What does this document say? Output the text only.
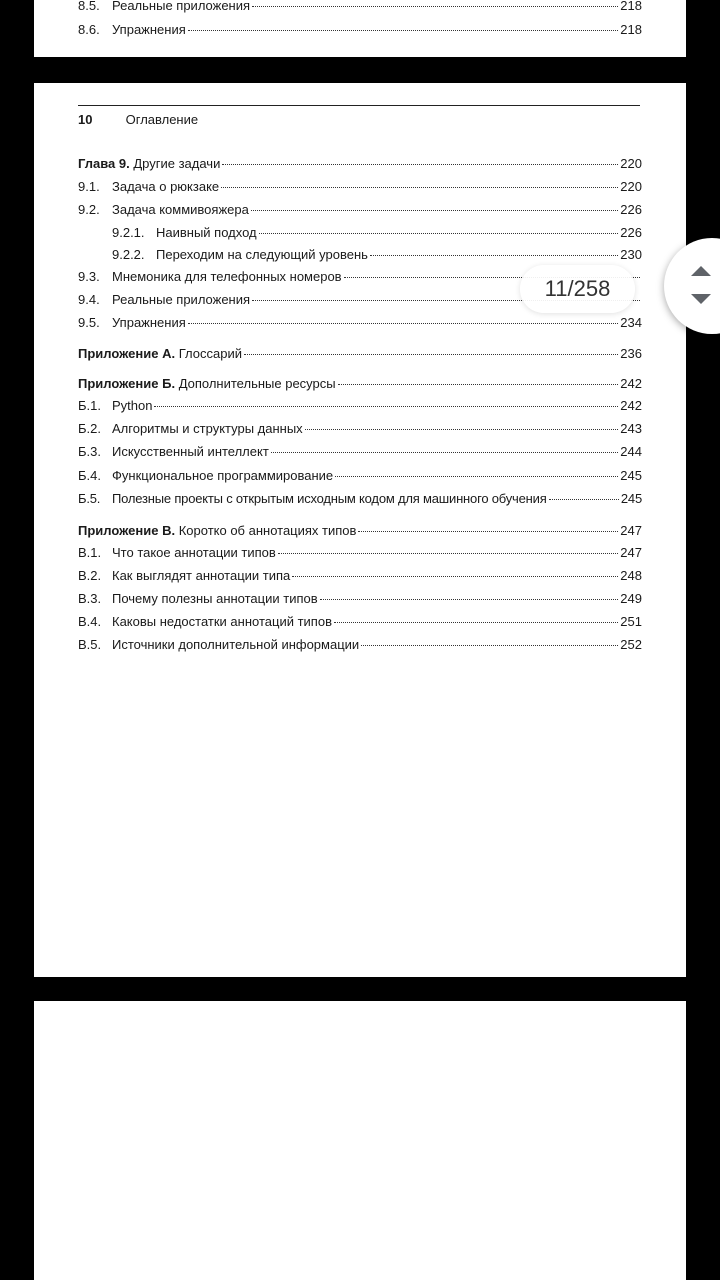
8.5. Реальные приложения	218
8.6. Упражнения	218
10	Оглавление
Глава 9. Другие задачи	220
9.1. Задача о рюкзаке	220
9.2. Задача коммивояжера	226
9.2.1. Наивный подход	226
9.2.2. Переходим на следующий уровень	230
9.3. Мнемоника для телефонных номеров
9.4. Реальные приложения
9.5. Упражнения	234
Приложение А. Глоссарий	236
Приложение Б. Дополнительные ресурсы	242
Б.1. Python	242
Б.2. Алгоритмы и структуры данных	243
Б.3. Искусственный интеллект	244
Б.4. Функциональное программирование	245
Б.5. Полезные проекты с открытым исходным кодом для машинного обучения	245
Приложение В. Коротко об аннотациях типов	247
В.1. Что такое аннотации типов	247
В.2. Как выглядят аннотации типа	248
В.3. Почему полезны аннотации типов	249
В.4. Каковы недостатки аннотаций типов	251
В.5. Источники дополнительной информации	252
11/258
